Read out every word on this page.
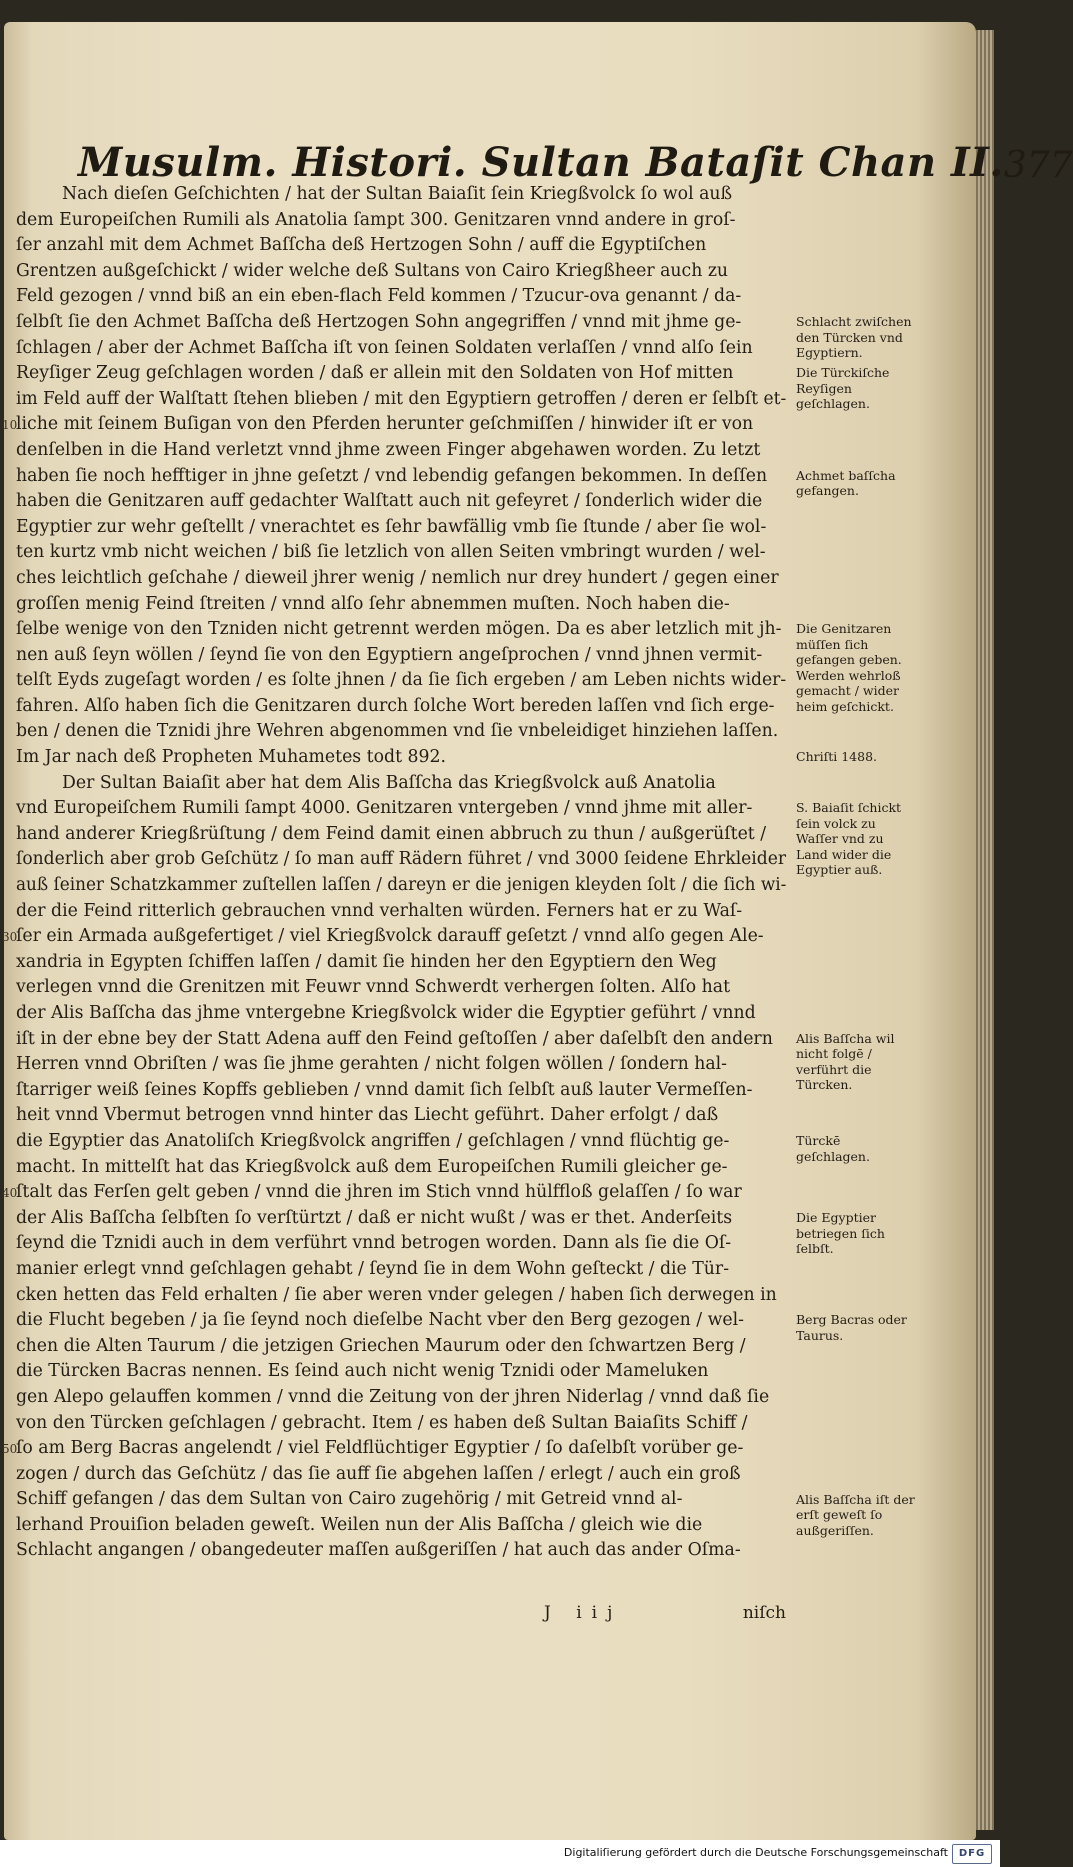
Musulm. Histori. Sultan Bataſit Chan II. 377
Nach dieſen Geſchichten / hat der Sultan Baiaſit ſein Kriegßvolck ſo wol auß
dem Europeiſchen Rumili als Anatolia ſampt 300. Genitzaren vnnd andere in groſ-
ſer anzahl mit dem Achmet Baſſcha deß Hertzogen Sohn / auff die Egyptiſchen
Grentzen außgeſchickt / wider welche deß Sultans von Cairo Kriegßheer auch zu
Feld gezogen / vnnd biß an ein eben-flach Feld kommen / Tzucur-ova genannt / da-
ſelbſt ſie den Achmet Baſſcha deß Hertzogen Sohn angegriffen / vnnd mit jhme ge-
ſchlagen / aber der Achmet Baſſcha iſt von ſeinen Soldaten verlaſſen / vnnd alſo ſein
Reyſiger Zeug geſchlagen worden / daß er allein mit den Soldaten von Hof mitten
im Feld auff der Walſtatt ſtehen blieben / mit den Egyptiern getroffen / deren er ſelbſt et-
liche mit ſeinem Buſigan von den Pferden herunter geſchmiſſen / hinwider iſt er von
denſelben in die Hand verletzt vnnd jhme zween Finger abgehawen worden. Zu letzt
haben ſie noch hefftiger in jhne geſetzt / vnd lebendig gefangen bekommen. In deſſen
haben die Genitzaren auff gedachter Walſtatt auch nit gefeyret / ſonderlich wider die
Egyptier zur wehr geſtellt / vnerachtet es ſehr bawfällig vmb ſie ſtunde / aber ſie wol-
ten kurtz vmb nicht weichen / biß ſie letzlich von allen Seiten vmbringt wurden / wel-
ches leichtlich geſchahe / dieweil jhrer wenig / nemlich nur drey hundert / gegen einer
groſſen menig Feind ſtreiten / vnnd alſo ſehr abnemmen muſten. Noch haben die-
ſelbe wenige von den Tzniden nicht getrennt werden mögen. Da es aber letzlich mit jh-
nen auß ſeyn wöllen / ſeynd ſie von den Egyptiern angeſprochen / vnnd jhnen vermit-
telſt Eyds zugeſagt worden / es ſolte jhnen / da ſie ſich ergeben / am Leben nichts wider-
fahren. Alſo haben ſich die Genitzaren durch ſolche Wort bereden laſſen vnd ſich erge-
ben / denen die Tznidi jhre Wehren abgenommen vnd ſie vnbeleidiget hinziehen laſſen.
Im Jar nach deß Propheten Muhametes todt 892.
Der Sultan Baiaſit aber hat dem Alis Baſſcha das Kriegßvolck auß Anatolia
vnd Europeiſchem Rumili ſampt 4000. Genitzaren vntergeben / vnnd jhme mit aller-
hand anderer Kriegßrüſtung / dem Feind damit einen abbruch zu thun / außgerüſtet /
ſonderlich aber grob Geſchütz / ſo man auff Rädern führet / vnd 3000 ſeidene Ehrkleider
auß ſeiner Schatzkammer zuſtellen laſſen / dareyn er die jenigen kleyden ſolt / die ſich wi-
der die Feind ritterlich gebrauchen vnnd verhalten würden. Ferners hat er zu Waſ-
ſer ein Armada außgefertiget / viel Kriegßvolck darauff geſetzt / vnnd alſo gegen Ale-
xandria in Egypten ſchiffen laſſen / damit ſie hinden her den Egyptiern den Weg
verlegen vnnd die Grenitzen mit Feuwr vnnd Schwerdt verhergen ſolten. Alſo hat
der Alis Baſſcha das jhme vntergebne Kriegßvolck wider die Egyptier geführt / vnnd
iſt in der ebne bey der Statt Adena auff den Feind geſtoſſen / aber daſelbſt den andern
Herren vnnd Obriſten / was ſie jhme gerahten / nicht folgen wöllen / ſondern hal-
ſtarriger weiß ſeines Kopffs geblieben / vnnd damit ſich ſelbſt auß lauter Vermeſſen-
heit vnnd Vbermut betrogen vnnd hinter das Liecht geführt. Daher erfolgt / daß
die Egyptier das Anatoliſch Kriegßvolck angriffen / geſchlagen / vnnd flüchtig ge-
macht. In mittelſt hat das Kriegßvolck auß dem Europeiſchen Rumili gleicher ge-
ſtalt das Ferſen gelt geben / vnnd die jhren im Stich vnnd hülffloß gelaſſen / ſo war
der Alis Baſſcha ſelbſten ſo verſtürtzt / daß er nicht wußt / was er thet. Anderſeits
ſeynd die Tznidi auch in dem verführt vnnd betrogen worden. Dann als ſie die Oſ-
manier erlegt vnnd geſchlagen gehabt / ſeynd ſie in dem Wohn geſteckt / die Tür-
cken hetten das Feld erhalten / ſie aber weren vnder gelegen / haben ſich derwegen in
die Flucht begeben / ja ſie ſeynd noch dieſelbe Nacht vber den Berg gezogen / wel-
chen die Alten Taurum / die jetzigen Griechen Maurum oder den ſchwartzen Berg /
die Türcken Bacras nennen. Es ſeind auch nicht wenig Tznidi oder Mameluken
gen Alepo gelauffen kommen / vnnd die Zeitung von der jhren Niderlag / vnnd daß ſie
von den Türcken geſchlagen / gebracht. Item / es haben deß Sultan Baiaſits Schiff /
ſo am Berg Bacras angelendt / viel Feldflüchtiger Egyptier / ſo daſelbſt vorüber ge-
zogen / durch das Geſchütz / das ſie auff ſie abgehen laſſen / erlegt / auch ein groß
Schiff gefangen / das dem Sultan von Cairo zugehörig / mit Getreid vnnd al-
lerhand Prouiſion beladen geweſt. Weilen nun der Alis Baſſcha / gleich wie die
Schlacht angangen / obangedeuter maſſen außgeriſſen / hat auch das ander Oſma-
Schlacht zwiſchen den Türcken vnd Egyptiern.
Die Türckiſche Reyſigen geſchlagen.
Achmet baſſcha gefangen.
Die Genitzaren müſſen ſich gefangen geben. Werden wehrloß gemacht / wider heim geſchickt.
Chriſti 1488.
S. Baiaſit ſchickt ſein volck zu Waſſer vnd zu Land wider die Egyptier auß.
Alis Baſſcha wil nicht folgē / verführt die Türcken.
Türckē geſchlagen.
Die Egyptier betriegen ſich ſelbſt.
Berg Bacras oder Taurus.
Alis Baſſcha iſt der erſt geweſt ſo außgeriſſen.
J iij	niſch
Digitaliſierung gefördert durch die Deutsche Forschungsgemeinschaft	DFG
10
30
40
50
